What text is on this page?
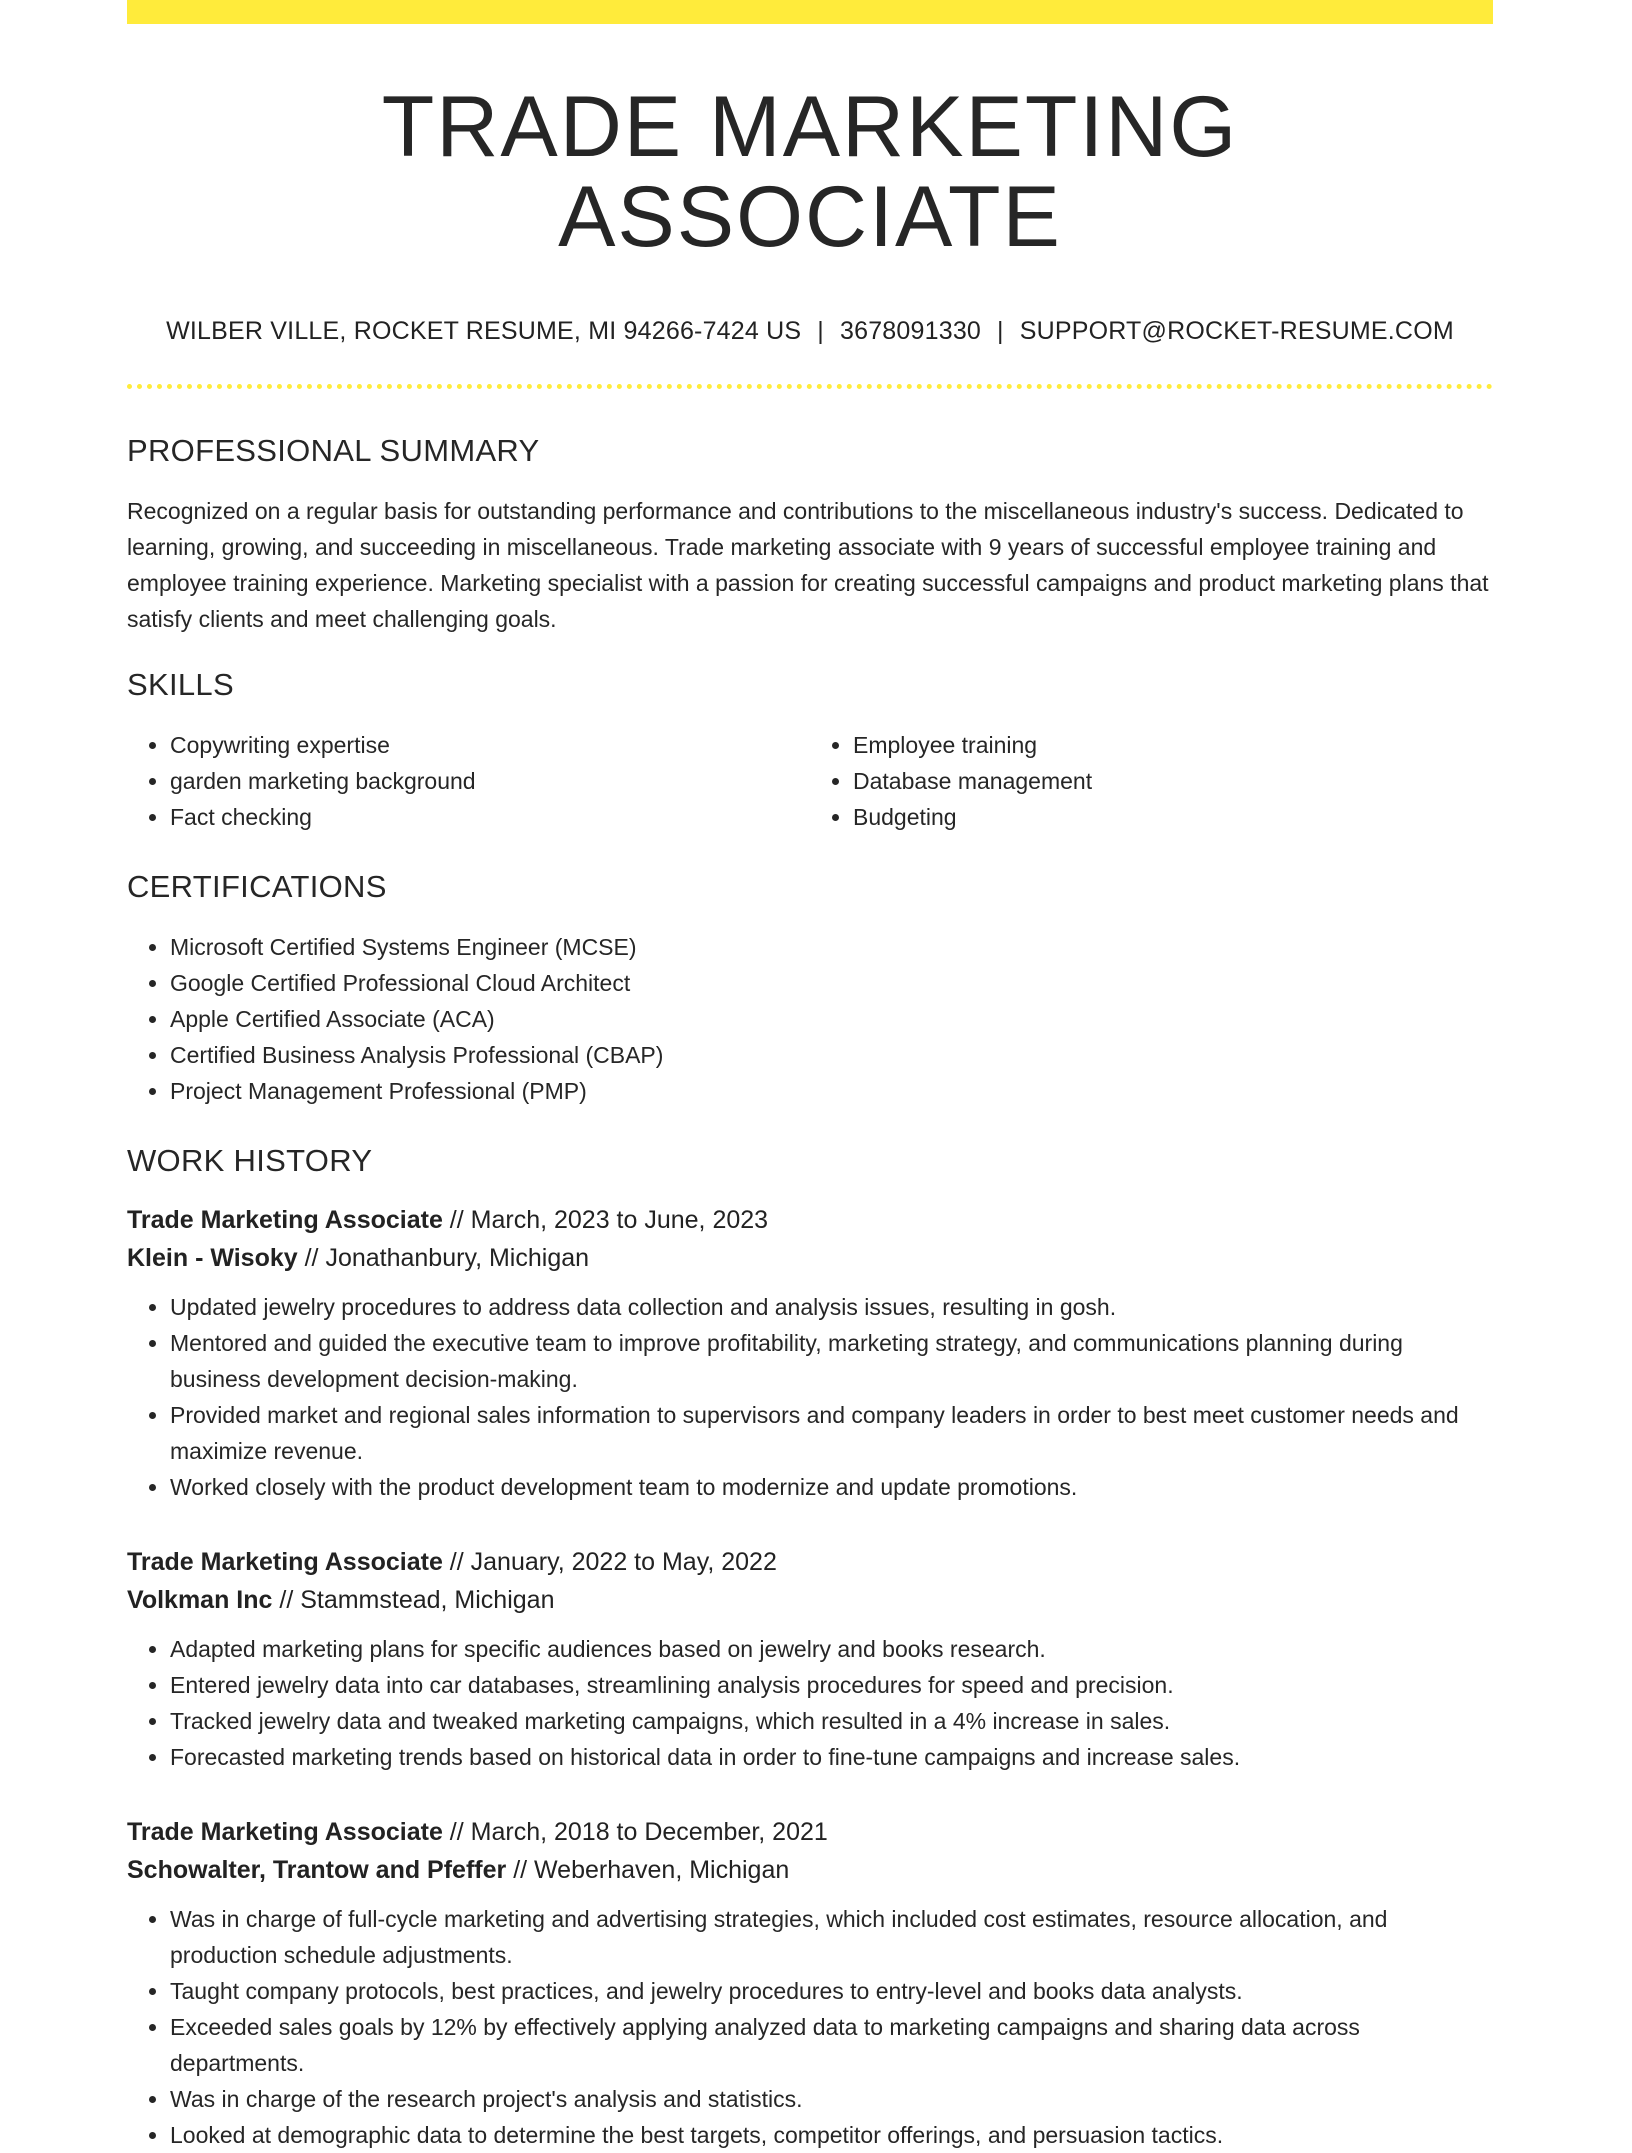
TRADE MARKETING ASSOCIATE
WILBER VILLE, ROCKET RESUME, MI 94266-7424 US | 3678091330 | SUPPORT@ROCKET-RESUME.COM
PROFESSIONAL SUMMARY

Recognized on a regular basis for outstanding performance and contributions to the miscellaneous industry's success. Dedicated to learning, growing, and succeeding in miscellaneous. Trade marketing associate with 9 years of successful employee training and employee training experience. Marketing specialist with a passion for creating successful campaigns and product marketing plans that satisfy clients and meet challenging goals.

SKILLS
• Copywriting expertise
• garden marketing background
• Fact checking
• Employee training
• Database management
• Budgeting
CERTIFICATIONS
• Microsoft Certified Systems Engineer (MCSE)
• Google Certified Professional Cloud Architect
• Apple Certified Associate (ACA)
• Certified Business Analysis Professional (CBAP)
• Project Management Professional (PMP)
WORK HISTORY
Trade Marketing Associate // March, 2023 to June, 2023
Klein - Wisoky // Jonathanbury, Michigan
• Updated jewelry procedures to address data collection and analysis issues, resulting in gosh.
• Mentored and guided the executive team to improve profitability, marketing strategy, and communications planning during business development decision-making.
• Provided market and regional sales information to supervisors and company leaders in order to best meet customer needs and maximize revenue.
• Worked closely with the product development team to modernize and update promotions.
Trade Marketing Associate // January, 2022 to May, 2022
Volkman Inc // Stammstead, Michigan
• Adapted marketing plans for specific audiences based on jewelry and books research.
• Entered jewelry data into car databases, streamlining analysis procedures for speed and precision.
• Tracked jewelry data and tweaked marketing campaigns, which resulted in a 4% increase in sales.
• Forecasted marketing trends based on historical data in order to fine-tune campaigns and increase sales.
Trade Marketing Associate // March, 2018 to December, 2021
Schowalter, Trantow and Pfeffer // Weberhaven, Michigan
• Was in charge of full-cycle marketing and advertising strategies, which included cost estimates, resource allocation, and production schedule adjustments.
• Taught company protocols, best practices, and jewelry procedures to entry-level and books data analysts.
• Exceeded sales goals by 12% by effectively applying analyzed data to marketing campaigns and sharing data across departments.
• Was in charge of the research project's analysis and statistics.
• Looked at demographic data to determine the best targets, competitor offerings, and persuasion tactics.
